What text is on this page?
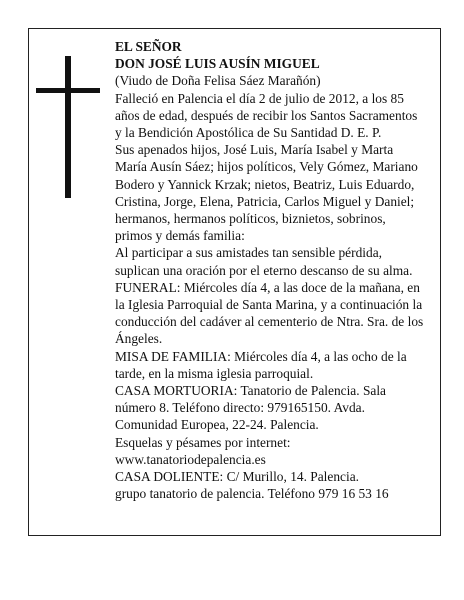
EL SEÑOR

DON JOSÉ LUIS AUSÍN MIGUEL

(Viudo de Doña Felisa Sáez Marañón)

Falleció en Palencia el día 2 de julio de 2012, a los 85 años de edad, después de recibir los Santos Sacramentos y la Bendición Apostólica de Su Santidad D. E. P.

Sus apenados hijos, José Luis, María Isabel y Marta María Ausín Sáez; hijos políticos, Vely Gómez, Mariano Bodero y Yannick Krzak; nietos, Beatriz, Luis Eduardo, Cristina, Jorge, Elena, Patricia, Carlos Miguel y Daniel; hermanos, hermanos políticos, biznietos, sobrinos, primos y demás familia:

Al participar a sus amistades tan sensible pérdida, suplican una oración por el eterno descanso de su alma.

FUNERAL: Miércoles día 4, a las doce de la mañana, en la Iglesia Parroquial de Santa Marina, y a continuación la conducción del cadáver al cementerio de Ntra. Sra. de los Ángeles.

MISA DE FAMILIA: Miércoles día 4, a las ocho de la tarde, en la misma iglesia parroquial.

CASA MORTUORIA: Tanatorio de Palencia. Sala número 8. Teléfono directo: 979165150. Avda. Comunidad Europea, 22-24. Palencia.

Esquelas y pésames por internet:

www.tanatoriodepalencia.es

CASA DOLIENTE: C/ Murillo, 14. Palencia.

grupo tanatorio de palencia. Teléfono 979 16 53 16
